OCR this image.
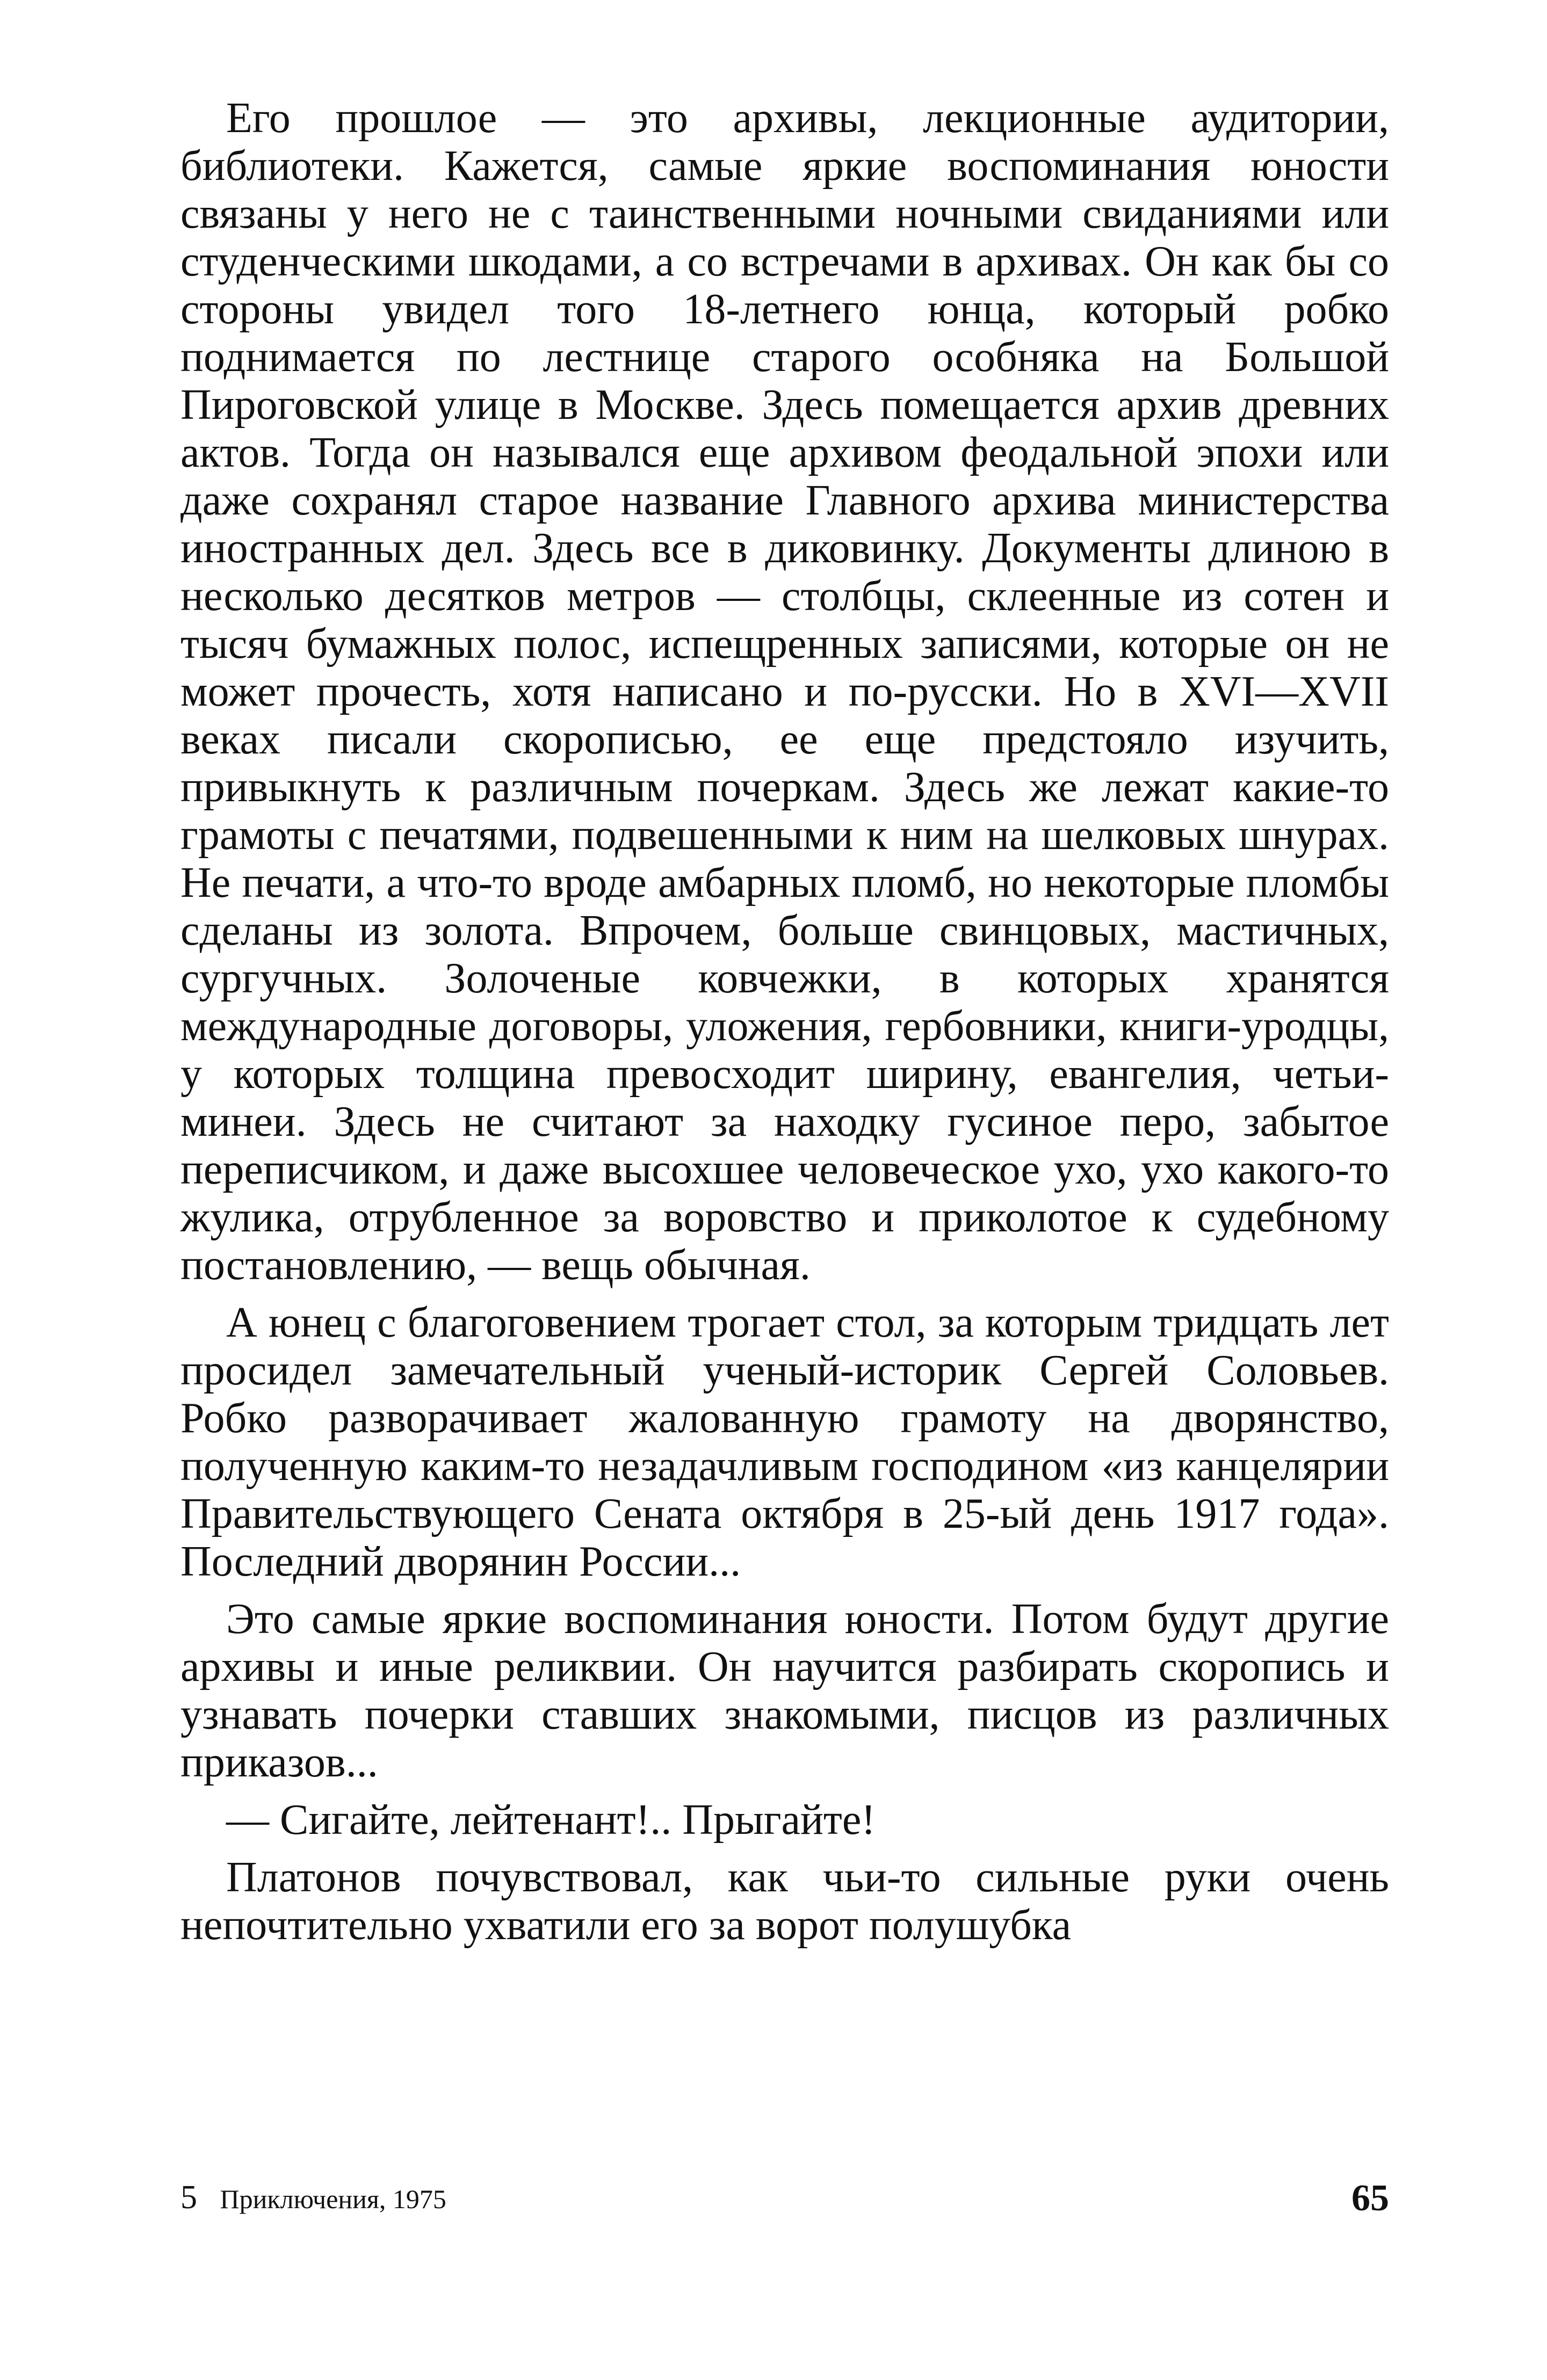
Его прошлое — это архивы, лекционные аудитории, библиотеки. Кажется, самые яркие воспоминания юности связаны у него не с таинственными ночными свиданиями или студенческими шкодами, а со встречами в архивах. Он как бы со стороны увидел того 18-летнего юнца, который робко поднимается по лестнице старого особняка на Большой Пироговской улице в Москве. Здесь помещается архив древних актов. Тогда он назывался еще архивом феодальной эпохи или даже сохранял старое название Главного архива министерства иностранных дел. Здесь все в диковинку. Документы длиною в несколько десятков метров — столбцы, склеенные из сотен и тысяч бумажных полос, испещренных записями, которые он не может прочесть, хотя написано и по-русски. Но в XVI—XVII веках писали скорописью, ее еще предстояло изучить, привыкнуть к различным почеркам. Здесь же лежат какие-то грамоты с печатями, подвешенными к ним на шелковых шнурах. Не печати, а что-то вроде амбарных пломб, но некоторые пломбы сделаны из золота. Впрочем, больше свинцовых, мастичных, сургучных. Золоченые ковчежки, в которых хранятся международные договоры, уложения, гербовники, книги-уродцы, у которых толщина превосходит ширину, евангелия, четьи-минеи. Здесь не считают за находку гусиное перо, забытое переписчиком, и даже высохшее человеческое ухо, ухо какого-то жулика, отрубленное за воровство и приколотое к судебному постановлению, — вещь обычная.

А юнец с благоговением трогает стол, за которым тридцать лет просидел замечательный ученый-историк Сергей Соловьев. Робко разворачивает жалованную грамоту на дворянство, полученную каким-то незадачливым господином «из канцелярии Правительствующего Сената октября в 25-ый день 1917 года». Последний дворянин России...

Это самые яркие воспоминания юности. Потом будут другие архивы и иные реликвии. Он научится разбирать скоропись и узнавать почерки ставших знакомыми, писцов из различных приказов...

— Сигайте, лейтенант!.. Прыгайте!

Платонов почувствовал, как чьи-то сильные руки очень непочтительно ухватили его за ворот полушубка

5 Приключения, 1975	65
